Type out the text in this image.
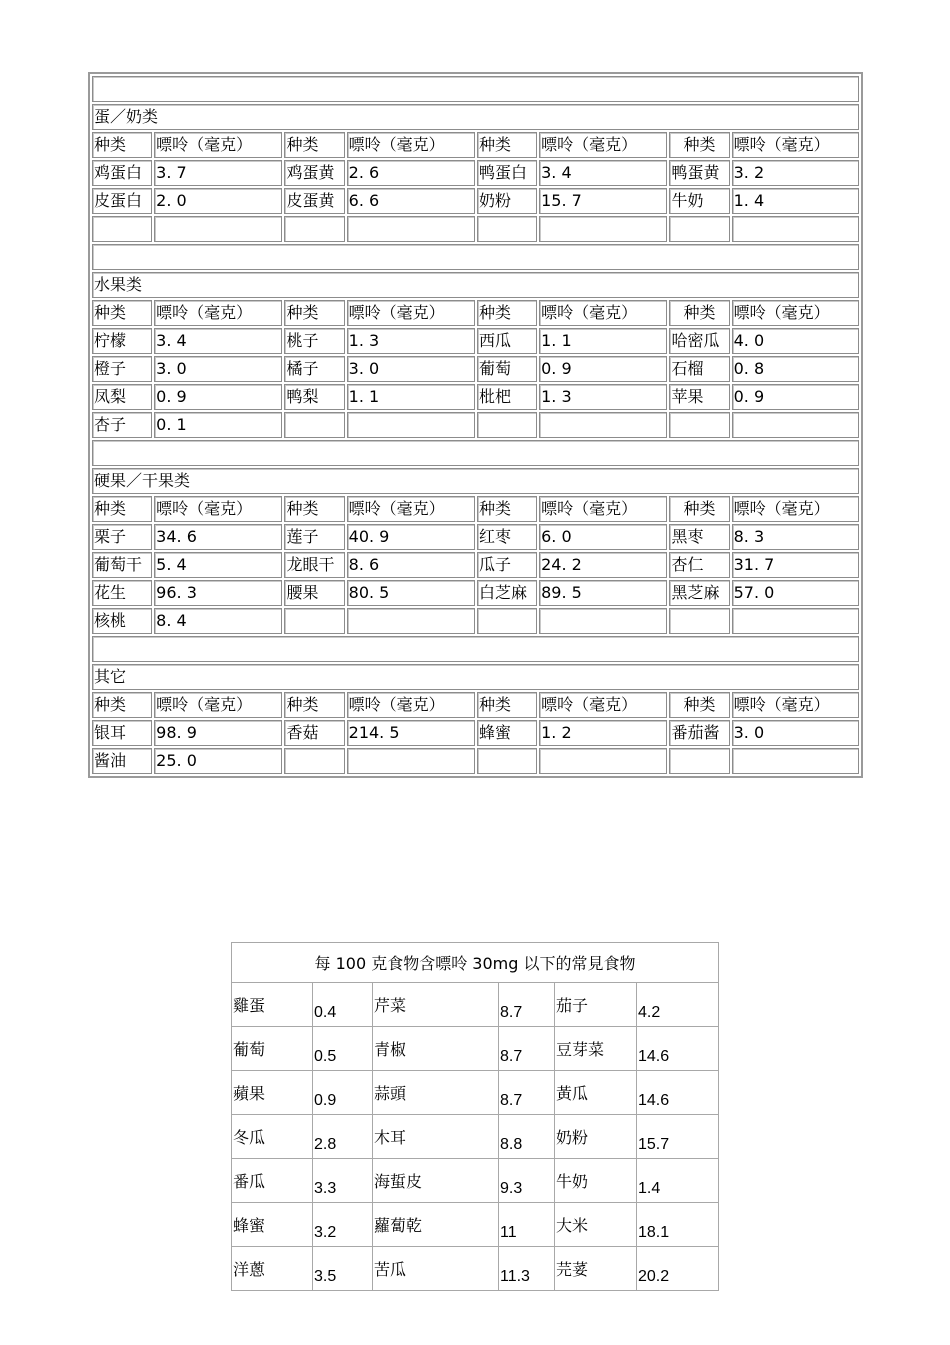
蛋／奶类							
种类	嘌呤（毫克）	种类	嘌呤（毫克）	种类	嘌呤（毫克）	种类	嘌呤（毫克）
鸡蛋白	3. 7	鸡蛋黄	2. 6	鸭蛋白	3. 4	鸭蛋黄	3. 2
皮蛋白	2. 0	皮蛋黄	6. 6	奶粉	15. 7	牛奶	1. 4

水果类							
种类	嘌呤（毫克）	种类	嘌呤（毫克）	种类	嘌呤（毫克）	种类	嘌呤（毫克）
柠檬	3. 4	桃子	1. 3	西瓜	1. 1	哈密瓜	4. 0
橙子	3. 0	橘子	3. 0	葡萄	0. 9	石榴	0. 8
凤梨	0. 9	鸭梨	1. 1	枇杷	1. 3	苹果	0. 9
杏子	0. 1						

硬果／干果类							
种类	嘌呤（毫克）	种类	嘌呤（毫克）	种类	嘌呤（毫克）	种类	嘌呤（毫克）
栗子	34. 6	莲子	40. 9	红枣	6. 0	黑枣	8. 3
葡萄干	5. 4	龙眼干	8. 6	瓜子	24. 2	杏仁	31. 7
花生	96. 3	腰果	80. 5	白芝麻	89. 5	黑芝麻	57. 0
核桃	8. 4						

其它							
种类	嘌呤（毫克）	种类	嘌呤（毫克）	种类	嘌呤（毫克）	种类	嘌呤（毫克）
银耳	98. 9	香菇	214. 5	蜂蜜	1. 2	番茄酱	3. 0
酱油	25. 0						
每 100 克食物含嘌呤 30mg 以下的常見食物					
雞蛋	0.4	芹菜	8.7	茄子	4.2
葡萄	0.5	青椒	8.7	豆芽菜	14.6
蘋果	0.9	蒜頭	8.7	黃瓜	14.6
冬瓜	2.8	木耳	8.8	奶粉	15.7
番瓜	3.3	海蜇皮	9.3	牛奶	1.4
蜂蜜	3.2	蘿蔔乾	11	大米	18.1
洋蔥	3.5	苦瓜	11.3	芫荽	20.2
